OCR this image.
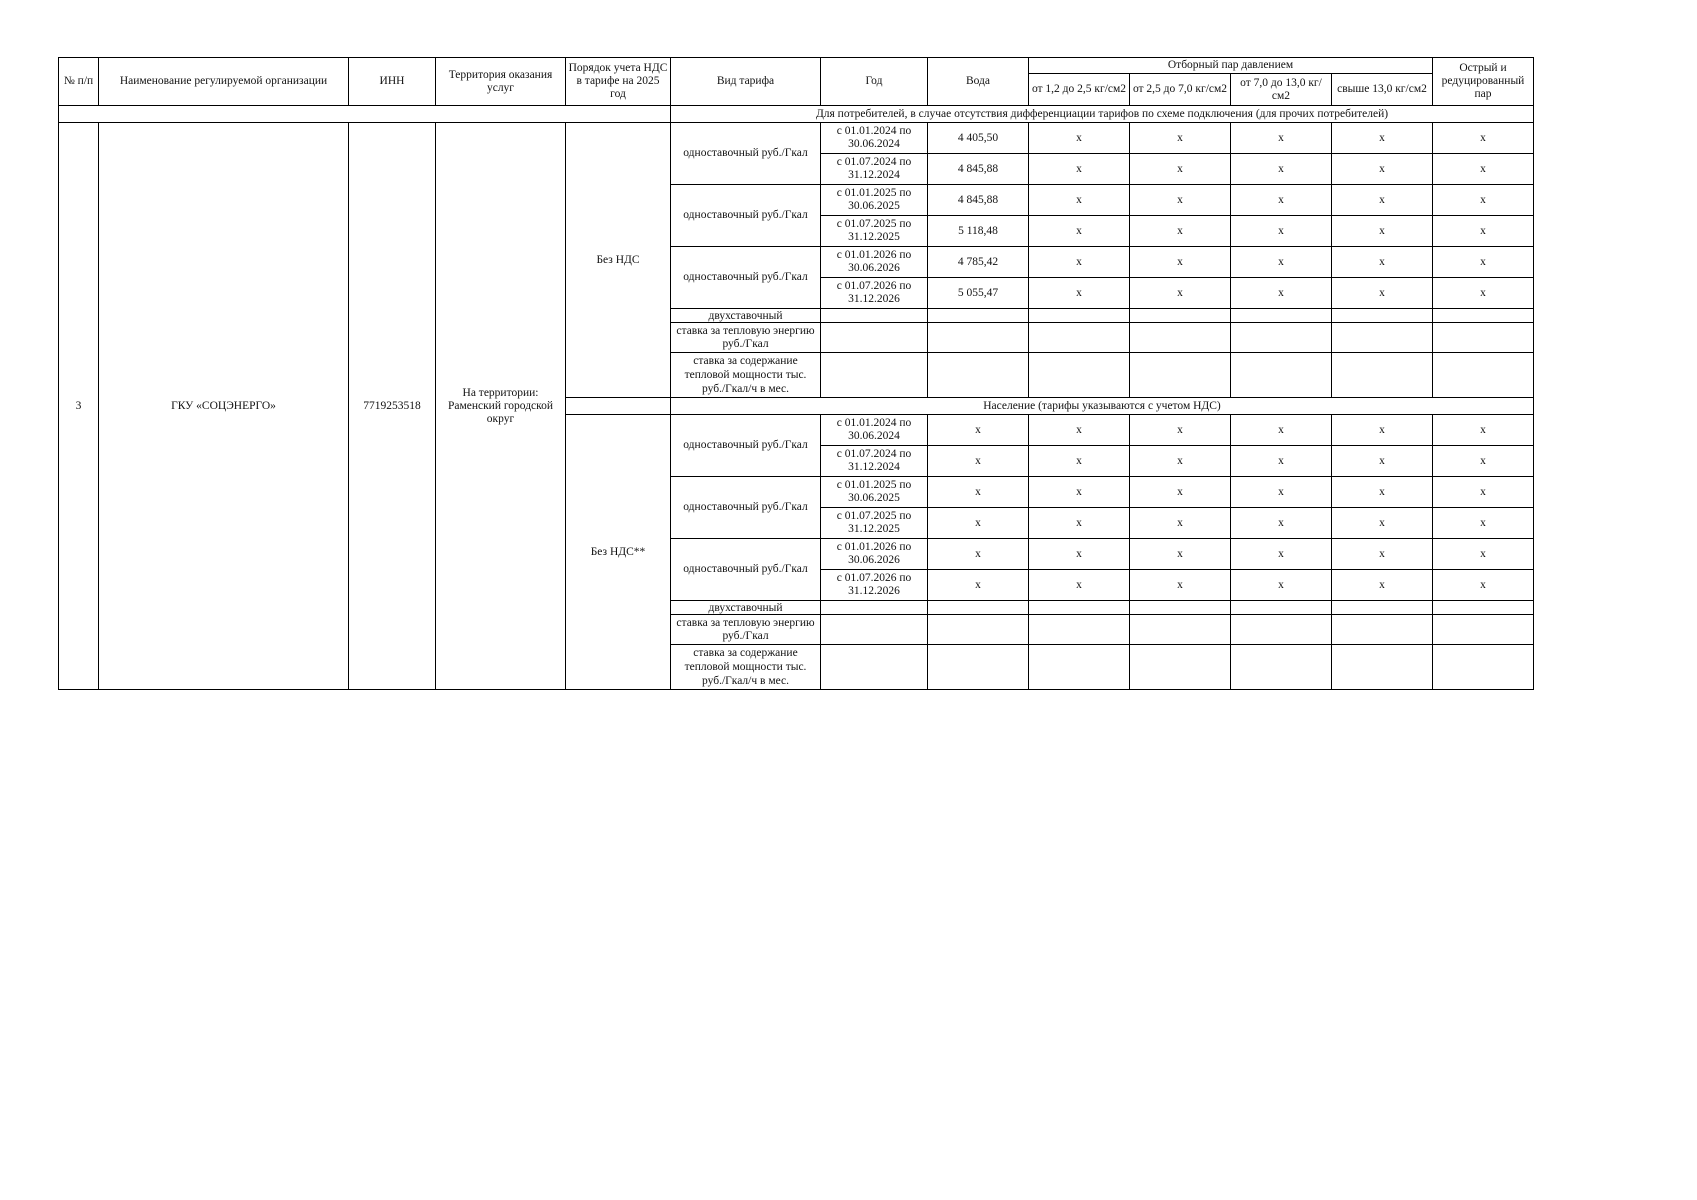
№ п/п	Наименование регулируемой организации	ИНН	Территория оказания услуг	Порядок учета НДС в тарифе на 2025 год	Вид тарифа	Год	Вода	Отборный пар давлением				Острый и редуцированный пар
								от 1,2 до 2,5 кг/см2	от 2,5 до 7,0 кг/см2	от 7,0 до 13,0 кг/см2	свыше 13,0 кг/см2	
					Для потребителей, в случае отсутствия дифференциации тарифов по схеме подключения (для прочих потребителей)							
3	ГКУ «СОЦЭНЕРГО»	7719253518	На территории: Раменский городской округ	Без НДС	одноставочный руб./Гкал	с 01.01.2024 по 30.06.2024	4 405,50	х	х	х	х	х
						с 01.07.2024 по 31.12.2024	4 845,88	х	х	х	х	х
					одноставочный руб./Гкал	с 01.01.2025 по 30.06.2025	4 845,88	х	х	х	х	х
						с 01.07.2025 по 31.12.2025	5 118,48	х	х	х	х	х
					одноставочный руб./Гкал	с 01.01.2026 по 30.06.2026	4 785,42	х	х	х	х	х
						с 01.07.2026 по 31.12.2026	5 055,47	х	х	х	х	х
					двухставочный							
					ставка за тепловую энергию руб./Гкал							
					ставка за содержание тепловой мощности тыс. руб./Гкал/ч в мес.							
					Население (тарифы указываются с учетом НДС)							
				Без НДС**	одноставочный руб./Гкал	с 01.01.2024 по 30.06.2024	х	х	х	х	х	х
						с 01.07.2024 по 31.12.2024	х	х	х	х	х	х
					одноставочный руб./Гкал	с 01.01.2025 по 30.06.2025	х	х	х	х	х	х
						с 01.07.2025 по 31.12.2025	х	х	х	х	х	х
					одноставочный руб./Гкал	с 01.01.2026 по 30.06.2026	х	х	х	х	х	х
						с 01.07.2026 по 31.12.2026	х	х	х	х	х	х
					двухставочный							
					ставка за тепловую энергию руб./Гкал							
					ставка за содержание тепловой мощности тыс. руб./Гкал/ч в мес.							
